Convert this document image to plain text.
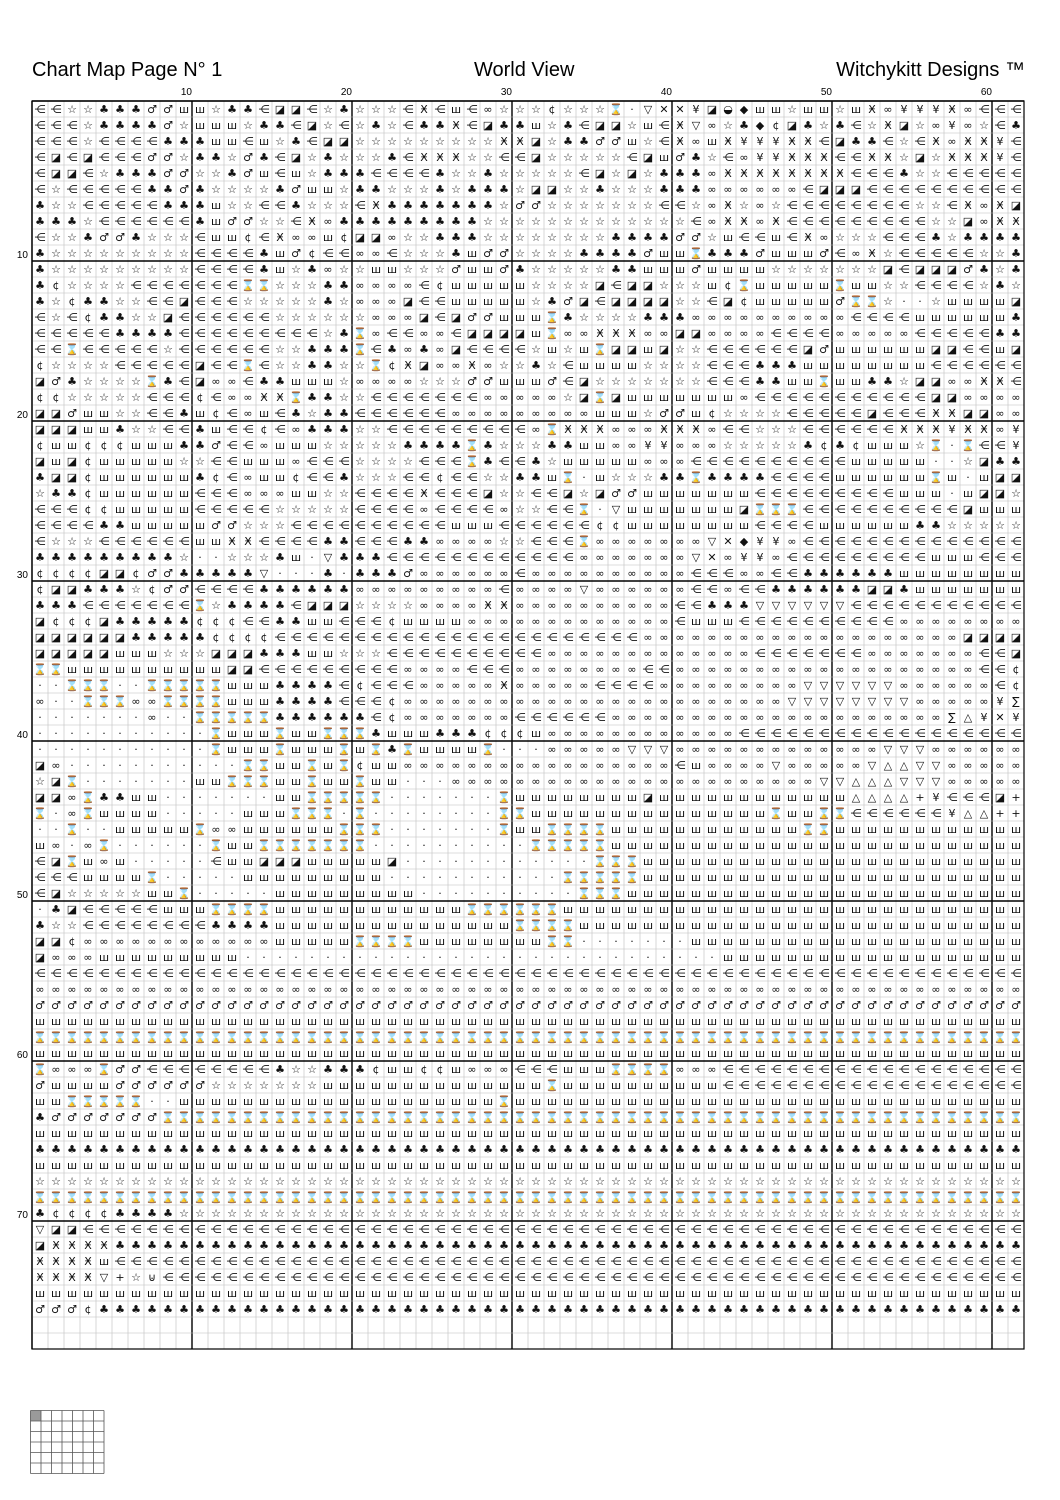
Chart Map Page N° 1	World View	Witchykitt Designs ™
⋲ ⋲ ☆ ☆ ♣ ♣ ♣ ♂ ♂ ш ш ☆ ♣ ♣ ⋲ ◪ ◪ ⋲ ☆ ♣ ☆ ☆ ☆ ⋲ Ӿ ⋲ ш ⋲ ∞ ☆ ☆ ☆ ¢ ☆ ☆ ☆ ⌛ · ▽ ✕ ✕ ¥ ◪ ◒ ◆ ш ш ☆ ш ш ☆ ш Ӿ ∞ ¥ ¥ ¥ Ӿ ∞ ⋲ ⋲ ⋲
⋲ ⋲ ⋲ ☆ ♣ ♣ ♣ ♣ ♂ ☆ ш ш ш ☆ ♣ ♣ ⋲ ◪ ☆ ⋲ ☆ ♣ ☆ ⋲ ♣ ♣ Ӿ ⋲ ◪ ♣ ♣ ш ☆ ♣ ⋲ ◪ ◪ ☆ ш ⋲ Ӿ ▽ ∞ ☆ ♣ ◆ ¢ ◪ ♣ ☆ ♣ ⋲ ☆ Ӿ ◪ ☆ ∞ ¥ ∞ ☆ ⋲ ♣
⋲ ⋲ ⋲ ☆ ⋲ ⋲ ⋲ ⋲ ♣ ♣ ♣ ш ш ⋲ ш ☆ ♣ ⋲ ◪ ◪ ☆ ☆ ☆ ☆ ☆ ☆ ☆ ☆ ☆ Ӿ Ӿ ◪ ☆ ♣ ♣ ♂ ♂ ш ☆ ⋲ Ӿ ∞ ш Ӿ ¥ ¥ ¥ Ӿ Ӿ ⋲ ◪ ♣ ♣ ⋲ ☆ ⋲ Ӿ ∞ Ӿ Ӿ ¥ ⋲
⋲ ◪ ⋲ ◪ ⋲ ⋲ ⋲ ♂ ♂ ☆ ♣ ♣ ☆ ♂ ♣ ⋲ ◪ ☆ ♣ ☆ ☆ ☆ ♣ ⋲ Ӿ Ӿ Ӿ ☆ ☆ ⋲ ⋲ ◪ ☆ ☆ ☆ ☆ ☆ ⋲ ◪ ш ♂ ♣ ☆ ⋲ ∞ ¥ ¥ Ӿ Ӿ Ӿ ⋲ ⋲ Ӿ Ӿ ☆ ◪ ☆ Ӿ Ӿ Ӿ ¥ ⋲
⋲ ◪ ◪ ⋲ ☆ ♣ ♣ ♣ ♂ ♂ ☆ ☆ ♣ ♂ ш ⋲ ш ☆ ♣ ♣ ♣ ⋲ ⋲ ⋲ ⋲ ♣ ☆ ☆ ♣ ☆ ☆ ☆ ☆ ☆ ⋲ ◪ ☆ ◪ ☆ ♣ ♣ ♣ ∞ Ӿ Ӿ Ӿ Ӿ Ӿ Ӿ Ӿ Ӿ ⋲ ⋲ ⋲ ♣ ☆ ☆ ⋲ ⋲ ⋲ ⋲ ⋲
⋲ ☆ ⋲ ⋲ ⋲ ⋲ ⋲ ♣ ♣ ♂ ♣ ☆ ☆ ☆ ☆ ♣ ♂ ш ш ☆ ♣ ♣ ☆ ☆ ☆ ♣ ☆ ♣ ♣ ♣ ☆ ◪ ◪ ☆ ☆ ♣ ☆ ☆ ☆ ♣ ♣ ♣ ∞ ∞ ∞ ∞ ∞ ∞ ⋲ ◪ ◪ ◪ ⋲ ⋲ ⋲ ⋲ ⋲ ⋲ ⋲ ⋲ ⋲ ⋲
♣ ☆ ☆ ⋲ ⋲ ⋲ ⋲ ⋲ ♣ ♣ ♣ ш ☆ ☆ ⋲ ⋲ ♣ ☆ ☆ ☆ ⋲ Ӿ ♣ ♣ ♣ ♣ ♣ ♣ ♣ ☆ ♂ ♂ ☆ ☆ ☆ ☆ ☆ ☆ ☆ ⋲ ⋲ ☆ ∞ Ӿ ☆ ∞ ☆ ⋲ ⋲ ⋲ ⋲ ⋲ ⋲ ⋲ ⋲ ☆ ☆ ⋲ Ӿ ∞ Ӿ ◪
♣ ♣ ♣ ☆ ⋲ ⋲ ⋲ ⋲ ⋲ ⋲ ♣ ш ♂ ♂ ☆ ☆ ⋲ Ӿ ∞ ♣ ♣ ♣ ♣ ♣ ♣ ♣ ♣ ♣ ☆ ☆ ☆ ☆ ☆ ☆ ☆ ☆ ☆ ☆ ☆ ☆ ☆ ⋲ ∞ Ӿ Ӿ ∞ Ӿ ⋲ ⋲ ⋲ ⋲ ⋲ ⋲ ⋲ ⋲ ⋲ ☆ ☆ ◪ ∞ Ӿ Ӿ
⋲ ☆ ☆ ♣ ♂ ♂ ♣ ☆ ☆ ☆ ⋲ ш ш ¢ ⋲ Ӿ ∞ ∞ ш ¢ ◪ ◪ ∞ ☆ ☆ ♣ ♣ ♣ ☆ ☆ ☆ ☆ ☆ ☆ ☆ ☆ ♣ ♣ ♣ ♣ ♂ ♂ ☆ ш ⋲ ⋲ ш ⋲ Ӿ ∞ ☆ ☆ ☆ ⋲ ⋲ ⋲ ♣ ☆ ♣ ♣ ♣ ♣
♣ ☆ ☆ ☆ ☆ ☆ ☆ ☆ ☆ ☆ ⋲ ⋲ ⋲ ⋲ ♣ ш ♂ ¢ ⋲ ⋲ ∞ ∞ ⋲ ☆ ☆ ☆ ♣ ш ♂ ♂ ☆ ☆ ☆ ☆ ♣ ♣ ♣ ♣ ♂ ш ш ⌛ ♣ ♣ ♣ ♂ ш ш ш ♂ ⋲ ∞ Ӿ ☆ ⋲ ⋲ ⋲ ⋲ ⋲ ☆ ☆ ♣
♣ ☆ ☆ ☆ ☆ ☆ ☆ ☆ ☆ ☆ ⋲ ⋲ ⋲ ⋲ ♣ ш ☆ ♣ ∞ ☆ ☆ ш ш ☆ ☆ ☆ ♂ ш ш ♂ ♣ ☆ ☆ ☆ ☆ ☆ ♣ ♣ ш ш ш ♂ ш ш ш ш ☆ ☆ ☆ ☆ ☆ ☆ ☆ ◪ ⋲ ◪ ◪ ◪ ♂ ♣ ☆ ♣
♣ ¢ ☆ ☆ ☆ ☆ ⋲ ⋲ ⋲ ⋲ ⋲ ⋲ ⋲ ⌛ ⌛ ☆ ☆ ☆ ♣ ♣ ∞ ∞ ∞ ∞ ⋲ ¢ ш ш ш ш ш ☆ ☆ ☆ ☆ ◪ ⋲ ◪ ◪ ☆ ☆ ☆ ш ¢ ⌛ ш ш ш ш ш ⌛ ш ш ☆ ☆ ⋲ ⋲ ⋲ ⋲ ☆ ♣ ☆
♣ ☆ ¢ ♣ ♣ ☆ ☆ ⋲ ⋲ ◪ ⋲ ⋲ ⋲ ☆ ☆ ☆ ☆ ☆ ♣ ☆ ∞ ∞ ∞ ◪ ⋲ ⋲ ш ш ш ш ш ☆ ♣ ♂ ◪ ⋲ ◪ ◪ ◪ ◪ ☆ ☆ ⋲ ◪ ¢ ш ш ш ш ш ♂ ⌛ ⌛ ☆ · · ☆ ш ш ш ш ◪
⋲ ☆ ⋲ ¢ ♣ ♣ ☆ ☆ ◪ ⋲ ⋲ ⋲ ⋲ ⋲ ⋲ ☆ ☆ ☆ ☆ ☆ ☆ ∞ ∞ ∞ ◪ ⋲ ◪ ♂ ♂ ш ш ш ⌛ ♣ ☆ ☆ ☆ ☆ ♣ ♣ ♣ ∞ ∞ ∞ ∞ ∞ ∞ ∞ ∞ ∞ ∞ ⋲ ⋲ ⋲ ⋲ ш ш ш ш ш ш ♣
⋲ ⋲ ⋲ ⋲ ⋲ ♣ ♣ ♣ ♣ ⋲ ⋲ ⋲ ⋲ ⋲ ⋲ ⋲ ⋲ ⋲ ☆ ♣ ⌛ ∞ ⋲ ⋲ ∞ ∞ ⋲ ◪ ◪ ◪ ◪ ш ⌛ ∞ ∞ Ӿ Ӿ Ӿ ∞ ∞ ◪ ◪ ∞ ∞ ∞ ∞ ⋲ ⋲ ⋲ ⋲ ∞ ∞ ∞ ∞ ∞ ⋲ ⋲ ⋲ ⋲ ⋲ ♣ ♣
⋲ ⋲ ⌛ ⋲ ⋲ ⋲ ⋲ ⋲ ☆ ⋲ ⋲ ⋲ ⋲ ⋲ ⋲ ☆ ☆ ♣ ♣ ♣ ⌛ ⋲ ♣ ∞ ♣ ∞ ◪ ⋲ ⋲ ⋲ ⋲ ☆ ш ☆ ш ⌛ ◪ ◪ ш ◪ ☆ ☆ ⋲ ⋲ ⋲ ⋲ ⋲ ⋲ ◪ ♂ ш ш ш ш ш ш ◪ ◪ ⋲ ⋲ ш ◪
¢ ☆ ☆ ☆ ☆ ⋲ ⋲ ⋲ ⋲ ⋲ ◪ ⋲ ⋲ ⌛ ⋲ ☆ ☆ ♣ ♣ ☆ ☆ ⌛ ¢ Ӿ ◪ ∞ ∞ Ӿ ∞ ☆ ☆ ♣ ☆ ⋲ ш ш ш ш ☆ ☆ ☆ ☆ ⋲ ⋲ ⋲ ♣ ♣ ♣ ш ш ш ш ш ш ш ш ⋲ ⋲ ⋲ ⋲ ⋲ ⋲
◪ ♂ ♣ ☆ ☆ ☆ ☆ ⌛ ♣ ⋲ ◪ ∞ ∞ ⋲ ♣ ♣ ш ш ш ☆ ∞ ∞ ∞ ∞ ☆ ☆ ☆ ♂ ♂ ш ш ш ♂ ⋲ ◪ ☆ ☆ ☆ ☆ ☆ ☆ ☆ ⋲ ⋲ ⋲ ♣ ♣ ш ш ⌛ ш ш ♣ ♣ ☆ ◪ ◪ ∞ ∞ Ӿ Ӿ ⋲
¢ ¢ ☆ ☆ ☆ ☆ ☆ ⋲ ⋲ ⋲ ¢ ⋲ ∞ ∞ Ӿ Ӿ ⌛ ♣ ♣ ☆ ☆ ⋲ ⋲ ⋲ ⋲ ⋲ ⋲ ⋲ ∞ ∞ ∞ ∞ ∞ ☆ ◪ ⌛ ◪ ш ш ш ш ш ш ш ∞ ⋲ ⋲ ⋲ ⋲ ⋲ ⋲ ⋲ ⋲ ⋲ ⋲ ⋲ ◪ ◪ ∞ ∞ ∞ ∞
◪ ◪ ♂ ш ш ☆ ☆ ⋲ ⋲ ♣ ш ¢ ⋲ ∞ ш ⋲ ♣ ☆ ♣ ♣ ⋲ ⋲ ⋲ ⋲ ⋲ ⋲ ∞ ∞ ∞ ∞ ∞ ∞ ∞ ∞ ∞ ш ш ш ☆ ♂ ♂ ш ¢ ☆ ☆ ☆ ☆ ⋲ ⋲ ⋲ ⋲ ⋲ ◪ ⋲ ⋲ ⋲ Ӿ Ӿ ◪ ◪ ∞ ∞
◪ ◪ ◪ ш ш ♣ ☆ ☆ ⋲ ⋲ ♣ ш ⋲ ⋲ ¢ ⋲ ∞ ♣ ♣ ♣ ☆ ☆ ⋲ ⋲ ⋲ ⋲ ⋲ ⋲ ⋲ ⋲ ⋲ ∞ ⌛ Ӿ Ӿ Ӿ ∞ ∞ ∞ Ӿ Ӿ Ӿ ∞ ⋲ ⋲ ☆ ☆ ☆ ⋲ ⋲ ⋲ ⋲ ⋲ ⋲ Ӿ Ӿ Ӿ ¥ Ӿ Ӿ ∞ ¥
¢ ш ш ¢ ¢ ¢ ш ш ш ♣ ♣ ♂ ⋲ ⋲ ∞ ш ш ш ☆ ☆ ☆ ☆ ☆ ♣ ♣ ♣ ♣ ⌛ ♣ ☆ ☆ ☆ ♣ ♣ ш ш ∞ ∞ ¥ ¥ ∞ ∞ ∞ ☆ ☆ ☆ ☆ ☆ ♣ ¢ ♣ ¢ ш ш ш ☆ ⌛ · ⌛ ⋲ ⋲ ¥
◪ ш ◪ ¢ ш ш ш ш ш ☆ ☆ ⋲ ⋲ ш ш ш ∞ ⋲ ⋲ ⋲ ☆ ☆ ☆ ☆ ⋲ ⋲ ⋲ ⌛ ♣ ⋲ ⋲ ♣ ☆ ш ш ш ш ш ∞ ∞ ∞ ⋲ ⋲ ⋲ ⋲ ⋲ ⋲ ⋲ ⋲ ⋲ ⋲ ш ш ш ш ш · · ☆ ◪ ♣ ♣
♣ ◪ ◪ ¢ ш ш ш ш ш ш ♣ ¢ ⋲ ∞ ш ш ¢ ⋲ ⋲ ♣ ☆ ☆ ☆ ⋲ ⋲ ¢ ⋲ ⋲ ☆ ☆ ♣ ♣ ш ⌛ · ш ☆ ☆ ☆ ♣ ♣ ⌛ ♣ ♣ ♣ ♣ ⋲ ⋲ ⋲ ⋲ ш ш ш ш ш ш ⌛ ш · ш ◪ ◪
☆ ♣ ♣ ¢ ш ш ш ш ш ш ⋲ ⋲ ⋲ ∞ ∞ ∞ ш ш ☆ ☆ ⋲ ⋲ ⋲ ⋲ Ӿ ⋲ ⋲ ⋲ ◪ ☆ ☆ ⋲ ⋲ ◪ ☆ ◪ ♂ ♂ ш ш ш ш ш ш ш ⋲ ⋲ ⋲ ⋲ ⋲ ⋲ ⋲ ⋲ ⋲ ш ш ш · ш ◪ ◪ ☆
⋲ ⋲ ⋲ ¢ ¢ ш ш ш ш ш ⋲ ⋲ ⋲ ⋲ ⋲ ☆ ☆ ☆ ☆ ☆ ⋲ ⋲ ⋲ ⋲ ∞ ⋲ ⋲ ⋲ ⋲ ∞ ☆ ☆ ⋲ ⋲ ⌛ · ▽ ш ш ш ш ш ш ш ◪ ⌛ ⌛ ⌛ ⋲ ⋲ ⋲ ⋲ ⋲ ⋲ ⋲ ⋲ ⋲ ⋲ ◪ ш ш ш
⋲ ⋲ ⋲ ⋲ ♣ ♣ ш ш ш ш ш ♂ ♂ ☆ ☆ ☆ ⋲ ⋲ ⋲ ⋲ ⋲ ⋲ ⋲ ⋲ ⋲ ⋲ ш ш ш ⋲ ⋲ ⋲ ⋲ ⋲ ⋲ ¢ ¢ ш ш ш ш ш ш ш ш ⋲ ⋲ ⋲ ⋲ ш ш ш ш ш ш ♣ ♣ ☆ ☆ ☆ ☆ ☆
⋲ ☆ ☆ ☆ ⋲ ⋲ ⋲ ⋲ ⋲ ⋲ ш ш Ӿ Ӿ ⋲ ⋲ ⋲ ⋲ ♣ ♣ ⋲ ⋲ ⋲ ♣ ♣ ∞ ∞ ∞ ∞ ☆ ☆ ⋲ ⋲ ⋲ ⌛ ∞ ∞ ∞ ∞ ∞ ∞ ∞ ▽ ✕ ◆ ¥ ¥ ∞ ⋲ ⋲ ⋲ ⋲ ⋲ ⋲ ⋲ ⋲ ⋲ ⋲ ⋲ ⋲ ⋲ ⋲
♣ ♣ ♣ ♣ ♣ ♣ ♣ ♣ ♣ ☆ · · ☆ ☆ ☆ ♣ ш · ▽ ♣ ♣ ♣ ⋲ ⋲ ⋲ ⋲ ⋲ ⋲ ⋲ ⋲ ⋲ ⋲ ⋲ ⋲ ∞ ∞ ∞ ∞ ∞ ∞ ∞ ▽ ✕ ∞ ¥ ¥ ∞ ⋲ ⋲ ⋲ ⋲ ⋲ ⋲ ⋲ ⋲ ⋲ ш ш ш ⋲ ⋲ ⋲
¢ ¢ ¢ ¢ ◪ ◪ ¢ ♂ ♂ ♣ ♣ ♣ ♣ ♣ ▽ · · · ♣ · ♣ ♣ ♣ ♂ ∞ ∞ ∞ ∞ ∞ ∞ ⋲ ∞ ∞ ∞ ∞ ∞ ∞ ∞ ∞ ∞ ∞ ⋲ ⋲ ⋲ ∞ ∞ ⋲ ⋲ ♣ ♣ ♣ ♣ ♣ ♣ ш ш ш ш ш ш ш ш
¢ ◪ ◪ ♣ ♣ ♣ ☆ ¢ ♂ ♂ ⋲ ⋲ ⋲ ⋲ ♣ ♣ ♣ ♣ ♣ ♣ ∞ ∞ ∞ ∞ ∞ ∞ ∞ ∞ ∞ ⋲ ∞ ∞ ∞ ∞ ▽ ∞ ∞ ∞ ∞ ∞ ∞ ⋲ ⋲ ∞ ⋲ ⋲ ♣ ♣ ♣ ♣ ♣ ♣ ◪ ◪ ♣ ш ш ш ш ш ш ш
♣ ♣ ♣ ⋲ ⋲ ⋲ ⋲ ⋲ ⋲ ⋲ ⌛ ☆ ♣ ♣ ♣ ♣ ⋲ ◪ ◪ ◪ ☆ ☆ ☆ ☆ ∞ ∞ ∞ ∞ Ӿ Ӿ ∞ ∞ ∞ ∞ ∞ ∞ ∞ ∞ ∞ ∞ ⋲ ⋲ ♣ ♣ ♣ ▽ ▽ ▽ ▽ ▽ ▽ ⋲ ⋲ ⋲ ⋲ ⋲ ⋲ ⋲ ⋲ ⋲ ⋲ ⋲
◪ ¢ ¢ ¢ ◪ ♣ ♣ ♣ ♣ ♣ ¢ ¢ ¢ ⋲ ⋲ ♣ ♣ ш ш ⋲ ⋲ ⋲ ¢ ш ш ш ш ∞ ∞ ∞ ∞ ∞ ∞ ∞ ∞ ∞ ∞ ∞ ∞ ∞ ⋲ ш ш ш ⋲ ⋲ ⋲ ⋲ ⋲ ⋲ ⋲ ⋲ ⋲ ⋲ ∞ ∞ ∞ ∞ ∞ ∞ ∞ ∞
◪ ◪ ◪ ◪ ◪ ◪ ♣ ♣ ♣ ♣ ♣ ¢ ¢ ¢ ¢ ⋲ ⋲ ⋲ ⋲ ⋲ ⋲ ⋲ ⋲ ⋲ ⋲ ⋲ ⋲ ⋲ ⋲ ⋲ ⋲ ⋲ ⋲ ⋲ ⋲ ⋲ ⋲ ⋲ ∞ ∞ ∞ ∞ ∞ ∞ ∞ ∞ ∞ ∞ ∞ ∞ ∞ ∞ ∞ ∞ ∞ ∞ ∞ ∞ ◪ ◪ ◪ ◪
◪ ◪ ◪ ◪ ◪ ш ш ш ☆ ☆ ☆ ◪ ◪ ◪ ♣ ♣ ♣ ш ш ☆ ☆ ☆ ⋲ ⋲ ⋲ ⋲ ⋲ ⋲ ⋲ ⋲ ⋲ ⋲ ∞ ∞ ∞ ∞ ∞ ∞ ∞ ∞ ∞ ∞ ∞ ∞ ∞ ⋲ ⋲ ⋲ ⋲ ⋲ ⋲ ⋲ ∞ ∞ ∞ ∞ ∞ ∞ ∞ ⋲ ⋲ ◪
⌛ ⌛ ш ш ш ш ш ш ш ш ш ш ◪ ◪ ⋲ ⋲ ⋲ ⋲ ⋲ ⋲ ⋲ ⋲ ⋲ ∞ ∞ ∞ ∞ ⋲ ⋲ ⋲ ∞ ∞ ∞ ∞ ∞ ∞ ∞ ∞ ⋲ ⋲ ∞ ∞ ∞ ∞ ∞ ∞ ∞ ∞ ∞ ∞ ∞ ∞ ∞ ∞ ∞ ∞ ∞ ∞ ∞ ⋲ ⋲ ¢
· · ⌛ ⌛ ⌛ · · ⌛ ⌛ ⌛ ⌛ ⌛ ш ш ш ♣ ♣ ♣ ♣ ⋲ ¢ ⋲ ⋲ ⋲ ∞ ∞ ∞ ∞ ∞ Ӿ ∞ ∞ ∞ ∞ ∞ ⋲ ⋲ ⋲ ⋲ ∞ ∞ ∞ ∞ ∞ ∞ ∞ ∞ ∞ ▽ ▽ ▽ ▽ ▽ ▽ ∞ ∞ ∞ ∞ ∞ ∞ ⋲ ¢
∞ · · ⌛ ⌛ ⌛ ∞ ∞ ⌛ ⌛ ⌛ ⌛ ш ш ш ♣ ♣ ♣ ♣ ⋲ ⋲ ⋲ ¢ ∞ ∞ ∞ ∞ ∞ ∞ ∞ ∞ ∞ ∞ ∞ ∞ ∞ ∞ ∞ ∞ ∞ ∞ ∞ ∞ ∞ ∞ ∞ ∞ ▽ ▽ ▽ ▽ ▽ ▽ ▽ ▽ ∞ ∞ ∞ ∞ ∞ ¥ ∑
· · · · · · · ∞ · · ⌛ ⌛ ⌛ ⌛ ⌛ ♣ ♣ ♣ ♣ ♣ ♣ ⋲ ¢ ∞ ∞ ∞ ∞ ∞ ∞ ∞ ⋲ ⋲ ⋲ ⋲ ⋲ ⋲ ∞ ∞ ∞ ∞ ∞ ∞ ∞ ∞ ∞ ∞ ∞ ∞ ∞ ∞ ∞ ∞ ∞ ∞ ∞ ∞ ∞ ∑ △ ¥ ✕ ¥
· · · · · · · · · · · ⌛ ш ш ш ⌛ ш ш ⌛ ⌛ ⌛ ♣ ш ш ш ♣ ♣ ♣ ¢ ¢ ¢ ш ∞ ∞ ∞ ∞ ∞ ∞ ∞ ∞ ∞ ∞ ∞ ∞ ⋲ ⋲ ⋲ ⋲ ⋲ ⋲ ⋲ ⋲ ⋲ ⋲ ⋲ ⋲ ⋲ ⋲ ⋲ ⋲ ⋲ ⋲
· · · · · · · · · · · ⌛ ш ш ш ⌛ ш ш ш ⌛ ш ⌛ ♣ ⌛ ш ш ш ш ⌛ · · · ∞ ∞ ∞ ∞ ∞ ▽ ▽ ▽ ∞ ∞ ∞ ∞ ∞ ∞ ∞ ∞ ∞ ∞ ∞ ∞ ∞ ▽ ▽ ▽ ∞ ∞ ∞ ∞ ∞ ∞
◪ ∞ · · · · · · · · · · · ⌛ ⌛ ш ш ⌛ ш ⌛ ¢ ш ш ∞ ∞ ∞ ∞ ∞ ∞ ∞ ∞ ∞ ∞ ∞ ∞ ∞ ∞ ∞ ∞ ∞ ⋲ ш ∞ ∞ ∞ ∞ ▽ ∞ ∞ ∞ ∞ ∞ ▽ △ △ ▽ ▽ ∞ ∞ ∞ ∞ ∞
☆ ◪ ⌛ · · · · · · · ш ш ⌛ ⌛ ⌛ ш ш ⌛ ш ш ⌛ ш ш · · · ∞ ∞ ∞ ∞ ∞ ∞ ∞ ∞ ∞ ∞ ∞ ∞ ∞ ∞ ∞ ∞ ∞ ∞ ∞ ∞ ∞ ∞ ∞ ▽ ▽ △ △ △ ▽ ▽ ▽ ∞ ∞ ∞ ∞ ∞
◪ ◪ ∞ ⌛ ♣ ♣ ш ш · · · · · · · ш ш ⌛ ⌛ ⌛ ⌛ ⌛ · · · · · · · ⌛ ш ш ш ш ш ш ш ш ◪ ш ш ш ш ш ш ш ш ш ш ш ш △ △ △ △ + ¥ ⋲ ⋲ ⋲ ◪ +
⌛ · ∞ ⌛ ш ш ш ш · · · · · ш ш ш ⌛ ⌛ ⌛ · ⌛ · · · · · · · · ⌛ ⌛ ш ш ш ш ш ш ш ш ш ш ш ш ш ш ш ⌛ ш ш ⌛ ⌛ ⋲ ⋲ ⋲ ⋲ ⋲ ⋲ ¥ △ △ + +
· · ⌛ · · ш ш ш ш ш ⌛ ∞ ∞ ш ш ш ш ш ш ⌛ ⌛ ⌛ · · · · · · · ⌛ ш ш ⌛ ⌛ ⌛ ⌛ ш ш ш ш ш ш ш ш ш ш ш ш ⌛ ⌛ ш ш ш ш ш ш ш ш ш ш ш ш
ш ∞ · ∞ ⌛ · · · · · · ⌛ ш ш ⌛ ⌛ ⌛ ⌛ ⌛ ⌛ ⌛ · · · · · · · · · · ⌛ ⌛ ⌛ ⌛ ⌛ ш ш ш ш ш ш ш ш ш ш ш ш ш ш ш ш ш ш ш ш ш ш ш ш ш ш
⋲ ◪ ⌛ ш ∞ ш · · · · · ⋲ ш ш ◪ ◪ ◪ ш ш ш ш ш ◪ · · · · · · · · · · · · ⌛ ⌛ ⌛ ш ш ш ш ш ш ш ш ш ш ш ш ш ш ш ш ш ш ш ш ш ш ш ш
⋲ ⋲ ⋲ ш ш ш ш ⌛ · · · · · ш ш ш ш ш ш ш ш ш · · · · · · · · · · · ⌛ ⌛ ⌛ ⌛ ⌛ ш ш ш ш ш ш ш ш ш ш ш ш ш ш ш ш ш ш ш ш ш ш ш ш
⋲ ◪ ☆ ☆ ☆ ☆ ☆ ш ш ⌛ · · · · · ш ш ш ш ш ш ш ш ш · · · · · · · · · · ⌛ ⌛ ⌛ ш ш ш ш ш ш ш ш ш ш ш ш ш ш ш ш ш ш ш ш ш ш ш ш ш
· ♣ ◪ ⋲ ⋲ ⋲ ⋲ ⋲ ш ш ш ⌛ ⌛ ⌛ ⌛ ш ш ш ш ш ш ш ш ш ш ш ш ⌛ ⌛ ⌛ ⌛ ⌛ ⌛ ш ш ш ш ш ш ш ш ш ш ш ш ш ш ш ш ш ш ш ш ш ш ш ш ш ш ш ш ш
♣ ☆ ☆ ⋲ ⋲ ⋲ ⋲ ⋲ ⋲ ⋲ ⋲ ♣ ♣ ♣ ♣ ш ш ш ш ш ш ш ш ш ш ш ш ш ш ш ⌛ ⌛ ⌛ ⌛ ш ш ш ш ш ш ш ш ш ш ш ш ш ш ш ш ш ш ш ш ш ш ш ш ш ш ш ш
◪ ◪ ¢ ∞ ∞ ∞ ∞ ∞ ∞ ∞ ∞ ∞ ∞ ∞ ∞ ш ш ш ш ш ⌛ ⌛ ⌛ ⌛ ш ш ш ш ш ш ш ш ⌛ ⌛ · · · · · · · ш ш ш ш ш ш ш ш ш ш ш ш ш ш ш ш ш ш ш ш ш
◪ ∞ ∞ ∞ ш ш ш ш ш ш ш ш ш · · · · · · · · · · · · · · · · · · · · · · · · · · · · · · ш ш ш ш ш ш ш ш ш ш ш ш ш ш ш ш ш ш ш
⋲ ⋲ ⋲ ⋲ ⋲ ⋲ ⋲ ⋲ ⋲ ⋲ ⋲ ⋲ ⋲ ⋲ ⋲ ⋲ ⋲ ⋲ ⋲ ⋲ ⋲ ⋲ ⋲ ⋲ ⋲ ⋲ ⋲ ⋲ ⋲ ⋲ ⋲ ⋲ ⋲ ⋲ ⋲ ⋲ ⋲ ⋲ ⋲ ⋲ ⋲ ⋲ ⋲ ⋲ ⋲ ⋲ ⋲ ⋲ ⋲ ⋲ ⋲ ⋲ ⋲ ⋲ ⋲ ⋲ ⋲ ⋲ ⋲ ⋲ ⋲ ⋲
∞ ∞ ∞ ∞ ∞ ∞ ∞ ∞ ∞ ∞ ∞ ∞ ∞ ∞ ∞ ∞ ∞ ∞ ∞ ∞ ∞ ∞ ∞ ∞ ∞ ∞ ∞ ∞ ∞ ∞ ∞ ∞ ∞ ∞ ∞ ∞ ∞ ∞ ∞ ∞ ∞ ∞ ∞ ∞ ∞ ∞ ∞ ∞ ∞ ∞ ∞ ∞ ∞ ∞ ∞ ∞ ∞ ∞ ∞ ∞ ∞ ∞
♂ ♂ ♂ ♂ ♂ ♂ ♂ ♂ ♂ ♂ ♂ ♂ ♂ ♂ ♂ ♂ ♂ ♂ ♂ ♂ ♂ ♂ ♂ ♂ ♂ ♂ ♂ ♂ ♂ ♂ ♂ ♂ ♂ ♂ ♂ ♂ ♂ ♂ ♂ ♂ ♂ ♂ ♂ ♂ ♂ ♂ ♂ ♂ ♂ ♂ ♂ ♂ ♂ ♂ ♂ ♂ ♂ ♂ ♂ ♂ ♂ ♂
ш ш ш ш ш ш ш ш ш ш ш ш ш ш ш ш ш ш ш ш ш ш ш ш ш ш ш ш ш ш ш ш ш ш ш ш ш ш ш ш ш ш ш ш ш ш ш ш ш ш ш ш ш ш ш ш ш ш ш ш ш ш
⌛ ⌛ ⌛ ⌛ ⌛ ⌛ ⌛ ⌛ ⌛ ⌛ ⌛ ⌛ ⌛ ⌛ ⌛ ⌛ ⌛ ⌛ ⌛ ⌛ ⌛ ⌛ ⌛ ⌛ ⌛ ⌛ ⌛ ⌛ ⌛ ⌛ ⌛ ⌛ ⌛ ⌛ ⌛ ⌛ ⌛ ⌛ ⌛ ⌛ ⌛ ⌛ ⌛ ⌛ ⌛ ⌛ ⌛ ⌛ ⌛ ⌛ ⌛ ⌛ ⌛ ⌛ ⌛ ⌛ ⌛ ⌛ ⌛ ⌛ ⌛ ⌛
ш ш ш ш ш ш ш ш ш ш ш ш ш ш ш ш ш ш ш ш ш ш ш ш ш ш ш ш ш ш ш ш ш ш ш ш ш ш ш ш ш ш ш ш ш ш ш ш ш ш ш ш ш ш ш ш ш ш ш ш ш ш
⌛ ∞ ∞ ∞ ⌛ ♂ ♂ ⋲ ⋲ ⋲ ⋲ ⋲ ⋲ ⋲ ⋲ ♣ ☆ ☆ ♣ ♣ ♣ ¢ ш ш ¢ ¢ ш ∞ ∞ ∞ ⋲ ⋲ ⋲ ш ш ш ⌛ ⌛ ⌛ ⌛ ∞ ∞ ∞ ⋲ ⋲ ⋲ ⋲ ⋲ ⋲ ⋲ ⋲ ⋲ ⋲ ⋲ ⋲ ⋲ ⋲ ⋲ ⋲ ⋲ ⋲ ⋲
♂ ш ш ш ш ♂ ♂ ♂ ♂ ♂ ♂ ☆ ☆ ☆ ☆ ☆ ☆ ☆ ш ш ш ш ш ш ш ш ш ш ш ш ш ш ⌛ ш ш ш ш ш ш ш ш ш ш ⋲ ⋲ ⋲ ⋲ ⋲ ⋲ ⋲ ⋲ ⋲ ⋲ ⋲ ⋲ ⋲ ⋲ ⋲ ⋲ ⋲ ⋲ ⋲
ш ш ⌛ ⌛ ⌛ ⌛ ⌛ · · ш ш ш ш ш ш ш ш ш ш ш ш ш ш ш ш ш ш ш ш ⌛ ш ш ш ш ш ш ш ш ш ш ш ш ш ш ш ш ш ш ш ш ш ш ш ш ш ш ш ш ш ш ш ш
♣ ♂ ♂ ♂ ♂ ♂ ♂ ♂ ⌛ ⌛ ⌛ ⌛ ⌛ ⌛ ⌛ ⌛ ⌛ ⌛ ⌛ ⌛ ⌛ ⌛ ⌛ ⌛ ⌛ ⌛ ⌛ ⌛ ⌛ ⌛ ⌛ ⌛ ⌛ ⌛ ⌛ ⌛ ⌛ ⌛ ⌛ ⌛ ⌛ ⌛ ⌛ ⌛ ⌛ ⌛ ⌛ ⌛ ⌛ ⌛ ⌛ ⌛ ⌛ ⌛ ⌛ ⌛ ⌛ ⌛ ⌛ ⌛ ⌛ ⌛
ш ш ш ш ш ш ш ш ш ш ш ш ш ш ш ш ш ш ш ш ш ш ш ш ш ш ш ш ш ш ш ш ш ш ш ш ш ш ш ш ш ш ш ш ш ш ш ш ш ш ш ш ш ш ш ш ш ш ш ш ш ш
♣ ♣ ♣ ♣ ♣ ♣ ♣ ♣ ♣ ♣ ♣ ♣ ♣ ♣ ♣ ♣ ♣ ♣ ♣ ♣ ♣ ♣ ♣ ♣ ♣ ♣ ♣ ♣ ♣ ♣ ♣ ♣ ♣ ♣ ♣ ♣ ♣ ♣ ♣ ♣ ♣ ♣ ♣ ♣ ♣ ♣ ♣ ♣ ♣ ♣ ♣ ♣ ♣ ♣ ♣ ♣ ♣ ♣ ♣ ♣ ♣ ♣
ш ш ш ш ш ш ш ш ш ш ш ш ш ш ш ш ш ш ш ш ш ш ш ш ш ш ш ш ш ш ш ш ш ш ш ш ш ш ш ш ш ш ш ш ш ш ш ш ш ш ш ш ш ш ш ш ш ш ш ш ш ш
☆ ☆ ☆ ☆ ☆ ☆ ☆ ☆ ☆ ☆ ☆ ☆ ☆ ☆ ☆ ☆ ☆ ☆ ☆ ☆ ☆ ☆ ☆ ☆ ☆ ☆ ☆ ☆ ☆ ☆ ☆ ☆ ☆ ☆ ☆ ☆ ☆ ☆ ☆ ☆ ☆ ☆ ☆ ☆ ☆ ☆ ☆ ☆ ☆ ☆ ☆ ☆ ☆ ☆ ☆ ☆ ☆ ☆ ☆ ☆ ☆ ☆
⌛ ⌛ ⌛ ⌛ ⌛ ⌛ ⌛ ⌛ ⌛ ⌛ ⌛ ⌛ ⌛ ⌛ ⌛ ⌛ ⌛ ⌛ ⌛ ⌛ ⌛ ⌛ ⌛ ⌛ ⌛ ⌛ ⌛ ⌛ ⌛ ⌛ ⌛ ⌛ ⌛ ⌛ ⌛ ⌛ ⌛ ⌛ ⌛ ⌛ ⌛ ⌛ ⌛ ⌛ ⌛ ⌛ ⌛ ⌛ ⌛ ⌛ ⌛ ⌛ ⌛ ⌛ ⌛ ⌛ ⌛ ⌛ ⌛ ⌛ ⌛ ⌛
♣ ¢ ¢ ¢ ¢ ♣ ♣ ♣ ♣ ☆ ☆ ☆ ☆ ☆ ☆ ☆ ☆ ☆ ☆ ☆ ☆ ☆ ☆ ☆ ☆ ☆ ☆ ☆ ☆ ☆ ☆ ☆ ☆ ☆ ☆ ☆ ☆ ☆ ☆ ☆ ☆ ☆ ☆ ☆ ☆ ☆ ☆ ☆ ☆ ☆ ☆ ☆ ☆ ☆ ☆ ☆ ☆ ☆ ☆ ☆ ☆ ☆
▽ ◪ ◪ ⋲ ⋲ ⋲ ⋲ ⋲ ⋲ ⋲ ⋲ ⋲ ⋲ ⋲ ⋲ ⋲ ⋲ ⋲ ⋲ ⋲ ⋲ ⋲ ⋲ ⋲ ⋲ ⋲ ⋲ ⋲ ⋲ ⋲ ⋲ ⋲ ⋲ ⋲ ⋲ ⋲ ⋲ ⋲ ⋲ ⋲ ⋲ ⋲ ⋲ ⋲ ⋲ ⋲ ⋲ ⋲ ⋲ ⋲ ⋲ ⋲ ⋲ ⋲ ⋲ ⋲ ⋲ ⋲ ⋲ ⋲ ⋲ ⋲
◪ Ӿ Ӿ Ӿ Ӿ ♣ ♣ ♣ ♣ ♣ ♣ ♣ ♣ ♣ ♣ ♣ ♣ ♣ ♣ ♣ ♣ ♣ ♣ ♣ ♣ ♣ ♣ ♣ ♣ ♣ ♣ ♣ ♣ ♣ ♣ ♣ ♣ ♣ ♣ ♣ ♣ ♣ ♣ ♣ ♣ ♣ ♣ ♣ ♣ ♣ ♣ ♣ ♣ ♣ ♣ ♣ ♣ ♣ ♣ ♣ ♣ ♣
Ӿ Ӿ Ӿ Ӿ ш ⋲ ⋲ ⋲ ⋲ ⋲ ⋲ ⋲ ⋲ ⋲ ⋲ ⋲ ⋲ ⋲ ⋲ ⋲ ⋲ ⋲ ⋲ ⋲ ⋲ ⋲ ⋲ ⋲ ⋲ ⋲ ⋲ ⋲ ⋲ ⋲ ⋲ ⋲ ⋲ ⋲ ⋲ ⋲ ⋲ ⋲ ⋲ ⋲ ⋲ ⋲ ⋲ ⋲ ⋲ ⋲ ⋲ ⋲ ⋲ ⋲ ⋲ ⋲ ⋲ ⋲ ⋲ ⋲ ⋲ ⋲
Ӿ Ӿ Ӿ Ӿ ▽ + ☆ ⊍ ⋲ ⋲ ⋲ ⋲ ⋲ ⋲ ⋲ ⋲ ⋲ ⋲ ⋲ ⋲ ⋲ ⋲ ⋲ ⋲ ⋲ ⋲ ⋲ ⋲ ⋲ ⋲ ⋲ ⋲ ⋲ ⋲ ⋲ ⋲ ⋲ ⋲ ⋲ ⋲ ⋲ ⋲ ⋲ ⋲ ⋲ ⋲ ⋲ ⋲ ⋲ ⋲ ⋲ ⋲ ⋲ ⋲ ⋲ ⋲ ⋲ ⋲ ⋲ ⋲ ⋲ ⋲
ш ш ш ш ш ш ш ш ш ш ш ш ш ш ш ш ш ш ш ш ш ш ш ш ш ш ш ш ш ш ш ш ш ш ш ш ш ш ш ш ш ш ш ш ш ш ш ш ш ш ш ш ш ш ш ш ш ш ш ш ш ш
♂ ♂ ♂ ¢ ♣ ♣ ♣ ♣ ♣ ♣ ♣ ♣ ♣ ♣ ♣ ♣ ♣ ♣ ♣ ♣ ♣ ♣ ♣ ♣ ♣ ♣ ♣ ♣ ♣ ♣ ♣ ♣ ♣ ♣ ♣ ♣ ♣ ♣ ♣ ♣ ♣ ♣ ♣ ♣ ♣ ♣ ♣ ♣ ♣ ♣ ♣ ♣ ♣ ♣ ♣ ♣ ♣ ♣ ♣ ♣ ♣ ♣
10	20	30	40	50	60
10
20
30
40
50
60
70
